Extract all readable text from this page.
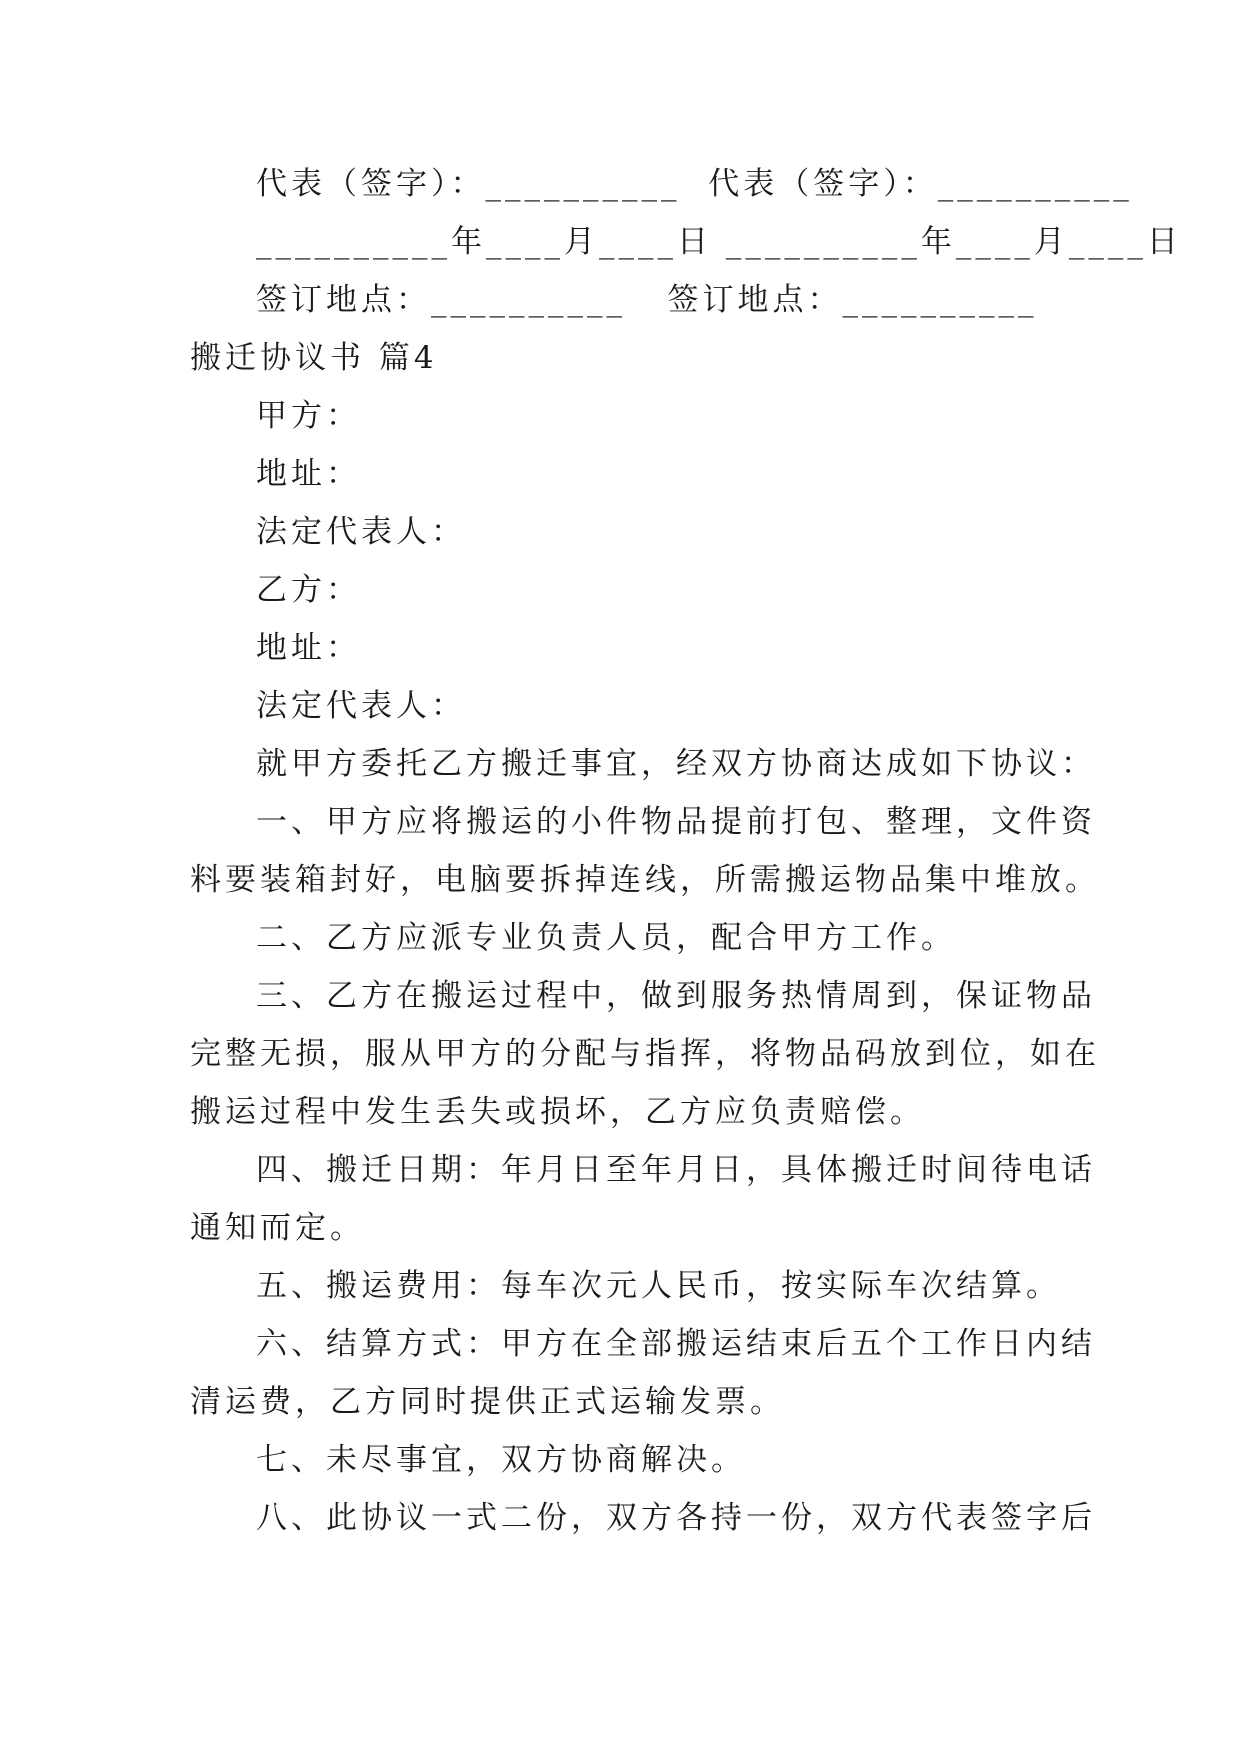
代表（签字）：__________  代表（签字）：__________
__________年____月____日 __________年____月____日
签订地点：__________   签订地点：__________
搬迁协议书 篇4
甲方：
地址：
法定代表人：
乙方：
地址：
法定代表人：
就甲方委托乙方搬迁事宜，经双方协商达成如下协议：
一、甲方应将搬运的小件物品提前打包、整理，文件资
料要装箱封好，电脑要拆掉连线，所需搬运物品集中堆放。
二、乙方应派专业负责人员，配合甲方工作。
三、乙方在搬运过程中，做到服务热情周到，保证物品
完整无损，服从甲方的分配与指挥，将物品码放到位，如在
搬运过程中发生丢失或损坏，乙方应负责赔偿。
四、搬迁日期：年月日至年月日，具体搬迁时间待电话
通知而定。
五、搬运费用：每车次元人民币，按实际车次结算。
六、结算方式：甲方在全部搬运结束后五个工作日内结
清运费，乙方同时提供正式运输发票。
七、未尽事宜，双方协商解决。
八、此协议一式二份，双方各持一份，双方代表签字后
